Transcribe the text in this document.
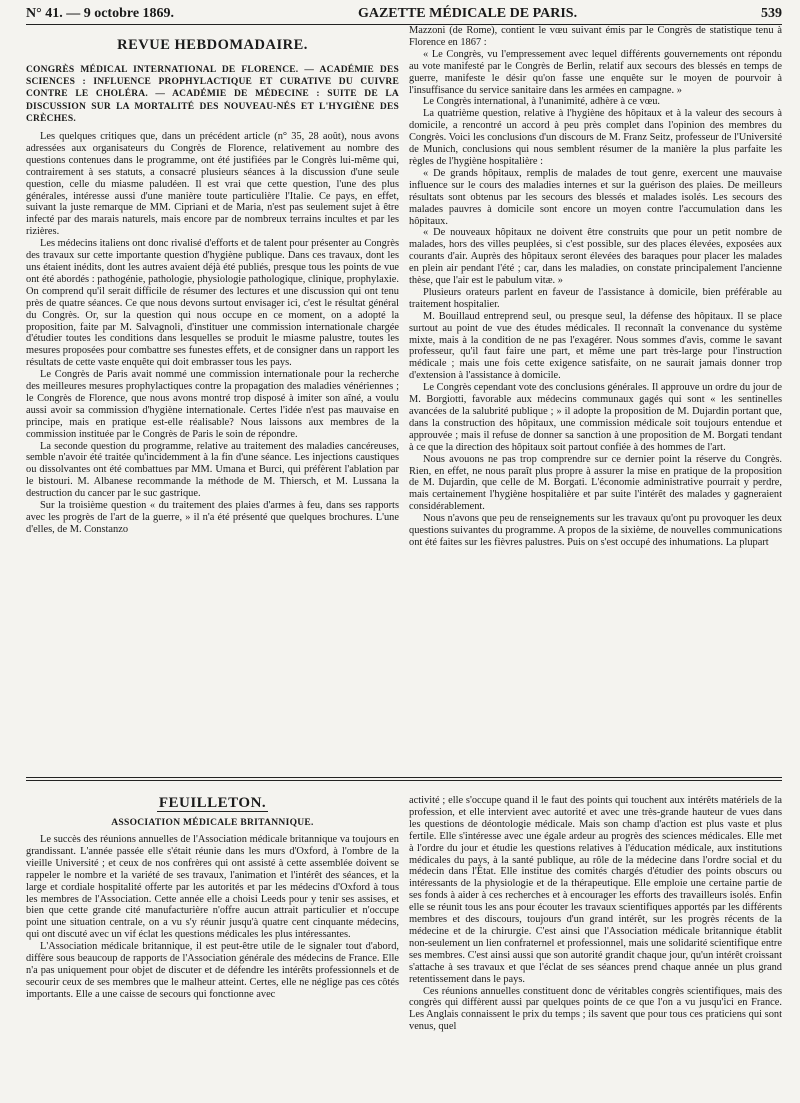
N° 41. — 9 octobre 1869.	GAZETTE MÉDICALE DE PARIS.	539
REVUE HEBDOMADAIRE.
CONGRÈS MÉDICAL INTERNATIONAL DE FLORENCE. — ACADÉMIE DES SCIENCES : INFLUENCE PROPHYLACTIQUE ET CURATIVE DU CUIVRE CONTRE LE CHOLÉRA. — ACADÉMIE DE MÉDECINE : SUITE DE LA DISCUSSION SUR LA MORTALITÉ DES NOUVEAU-NÉS ET L'HYGIÈNE DES CRÈCHES.

Les quelques critiques que, dans un précédent article (n° 35, 28 août), nous avons adressées aux organisateurs du Congrès de Florence, relativement au nombre des questions contenues dans le programme, ont été justifiées par le Congrès lui-même qui, contrairement à ses statuts, a consacré plusieurs séances à la discussion d'une seule question, celle du miasme paludéen. Il est vrai que cette question, l'une des plus générales, intéresse aussi d'une manière toute particulière l'Italie. Ce pays, en effet, suivant la juste remarque de MM. Cipriani et de Maria, n'est pas seulement sujet à être infecté par des marais naturels, mais encore par de nombreux terrains incultes et par les rizières.

Les médecins italiens ont donc rivalisé d'efforts et de talent pour présenter au Congrès des travaux sur cette importante question d'hygiène publique. Dans ces travaux, dont les uns étaient inédits, dont les autres avaient déjà été publiés, presque tous les points de vue ont été abordés : pathogénie, pathologie, physiologie pathologique, clinique, prophylaxie. On comprend qu'il serait difficile de résumer des lectures et une discussion qui ont tenu près de quatre séances. Ce que nous devons surtout envisager ici, c'est le résultat général du Congrès. Or, sur la question qui nous occupe en ce moment, on a adopté la proposition, faite par M. Salvagnoli, d'instituer une commission internationale chargée d'étudier toutes les conditions dans lesquelles se produit le miasme palustre, toutes les mesures proposées pour combattre ses funestes effets, et de consigner dans un rapport les résultats de cette vaste enquête qui doit embrasser tous les pays.

Le Congrès de Paris avait nommé une commission internationale pour la recherche des meilleures mesures prophylactiques contre la propagation des maladies vénériennes ; le Congrès de Florence, que nous avons montré trop disposé à imiter son aîné, a voulu aussi avoir sa commission d'hygiène internationale. Certes l'idée n'est pas mauvaise en principe, mais en pratique est-elle réalisable? Nous laissons aux membres de la commission instituée par le Congrès de Paris le soin de répondre.

La seconde question du programme, relative au traitement des maladies cancéreuses, semble n'avoir été traitée qu'incidemment à la fin d'une séance. Les injections caustiques ou dissolvantes ont été combattues par MM. Umana et Burci, qui préfèrent l'ablation par le bistouri. M. Albanese recommande la méthode de M. Thiersch, et M. Lussana la destruction du cancer par le suc gastrique.

Sur la troisième question « du traitement des plaies d'armes à feu, dans ses rapports avec les progrès de l'art de la guerre, » il n'a été présenté que quelques brochures. L'une d'elles, de M. Constanzo

Mazzoni (de Rome), contient le vœu suivant émis par le Congrès de statistique tenu à Florence en 1867 :

« Le Congrès, vu l'empressement avec lequel différents gouvernements ont répondu au vote manifesté par le Congrès de Berlin, relatif aux secours des blessés en temps de guerre, manifeste le désir qu'on fasse une enquête sur le moyen de pourvoir à l'insuffisance du service sanitaire dans les armées en campagne. »

Le Congrès international, à l'unanimité, adhère à ce vœu.

La quatrième question, relative à l'hygiène des hôpitaux et à la valeur des secours à domicile, a rencontré un accord à peu près complet dans l'opinion des membres du Congrès. Voici les conclusions d'un discours de M. Franz Seitz, professeur de l'Université de Munich, conclusions qui nous semblent résumer de la manière la plus parfaite les règles de l'hygiène hospitalière :

« De grands hôpitaux, remplis de malades de tout genre, exercent une mauvaise influence sur le cours des maladies internes et sur la guérison des plaies. De meilleurs résultats sont obtenus par les secours des blessés et malades isolés. Les secours des malades pauvres à domicile sont encore un moyen contre l'accumulation dans les hôpitaux.

« De nouveaux hôpitaux ne doivent être construits que pour un petit nombre de malades, hors des villes peuplées, si c'est possible, sur des places élevées, exposées aux courants d'air. Auprès des hôpitaux seront élevées des baraques pour placer les malades en plein air pendant l'été ; car, dans les maladies, on constate principalement l'ancienne thèse, que l'air est le pabulum vitæ. »

Plusieurs orateurs parlent en faveur de l'assistance à domicile, bien préférable au traitement hospitalier.

M. Bouillaud entreprend seul, ou presque seul, la défense des hôpitaux. Il se place surtout au point de vue des études médicales. Il reconnaît la convenance du système mixte, mais à la condition de ne pas l'exagérer. Nous sommes d'avis, comme le savant professeur, qu'il faut faire une part, et même une part très-large pour l'instruction médicale ; mais une fois cette exigence satisfaite, on ne saurait jamais donner trop d'extension à l'assistance à domicile.

Le Congrès cependant vote des conclusions générales. Il approuve un ordre du jour de M. Borgiotti, favorable aux médecins communaux gagés qui sont « les sentinelles avancées de la salubrité publique ; » il adopte la proposition de M. Dujardin portant que, dans la construction des hôpitaux, une commission médicale soit toujours entendue et approuvée ; mais il refuse de donner sa sanction à une proposition de M. Borgati tendant à ce que la direction des hôpitaux soit partout confiée à des hommes de l'art.

Nous avouons ne pas trop comprendre sur ce dernier point la réserve du Congrès. Rien, en effet, ne nous paraît plus propre à assurer la mise en pratique de la proposition de M. Dujardin, que celle de M. Borgati. L'économie administrative pourrait y perdre, mais certainement l'hygiène hospitalière et par suite l'intérêt des malades y gagneraient considérablement.

Nous n'avons que peu de renseignements sur les travaux qu'ont pu provoquer les deux questions suivantes du programme. A propos de la sixième, de nouvelles communications ont été faites sur les fièvres palustres. Puis on s'est occupé des inhumations. La plupart

FEUILLETON.
ASSOCIATION MÉDICALE BRITANNIQUE.

Le succès des réunions annuelles de l'Association médicale britannique va toujours en grandissant. L'année passée elle s'était réunie dans les murs d'Oxford, à l'ombre de la vieille Université ; et ceux de nos confrères qui ont assisté à cette assemblée doivent se rappeler le nombre et la variété de ses travaux, l'animation et l'intérêt des séances, et la large et cordiale hospitalité offerte par les autorités et par les médecins d'Oxford à tous les membres de l'Association. Cette année elle a choisi Leeds pour y tenir ses assises, et bien que cette grande cité manufacturière n'offre aucun attrait particulier et n'occupe point une situation centrale, on a vu s'y réunir jusqu'à quatre cent cinquante médecins, qui ont discuté avec un vif éclat les questions médicales les plus intéressantes.

L'Association médicale britannique, il est peut-être utile de le signaler tout d'abord, diffère sous beaucoup de rapports de l'Association générale des médecins de France. Elle n'a pas uniquement pour objet de discuter et de défendre les intérêts professionnels et de secourir ceux de ses membres que le malheur atteint. Certes, elle ne néglige pas ces côtés importants. Elle a une caisse de secours qui fonctionne avec

activité ; elle s'occupe quand il le faut des points qui touchent aux intérêts matériels de la profession, et elle intervient avec autorité et avec une très-grande hauteur de vues dans les questions de déontologie médicale. Mais son champ d'action est plus vaste et plus fertile. Elle s'intéresse avec une égale ardeur au progrès des sciences médicales. Elle met à l'ordre du jour et étudie les questions relatives à l'éducation médicale, aux institutions médicales du pays, à la santé publique, au rôle de la médecine dans l'ordre social et du médecin dans l'État. Elle institue des comités chargés d'étudier des points obscurs ou intéressants de la physiologie et de la thérapeutique. Elle emploie une certaine partie de ses fonds à aider à ces recherches et à encourager les efforts des travailleurs isolés. Enfin elle se réunit tous les ans pour écouter les travaux scientifiques apportés par les différents membres et des discours, toujours d'un grand intérêt, sur les progrès récents de la médecine et de la chirurgie. C'est ainsi que l'Association médicale britannique établit non-seulement un lien confraternel et professionnel, mais une solidarité scientifique entre ses membres. C'est ainsi aussi que son autorité grandit chaque jour, qu'un intérêt croissant s'attache à ses travaux et que l'éclat de ses séances prend chaque année un plus grand retentissement dans le pays.

Ces réunions annuelles constituent donc de véritables congrès scientifiques, mais des congrès qui diffèrent aussi par quelques points de ce que l'on a vu jusqu'ici en France. Les Anglais connaissent le prix du temps ; ils savent que pour tous ces praticiens qui sont venus, quel
